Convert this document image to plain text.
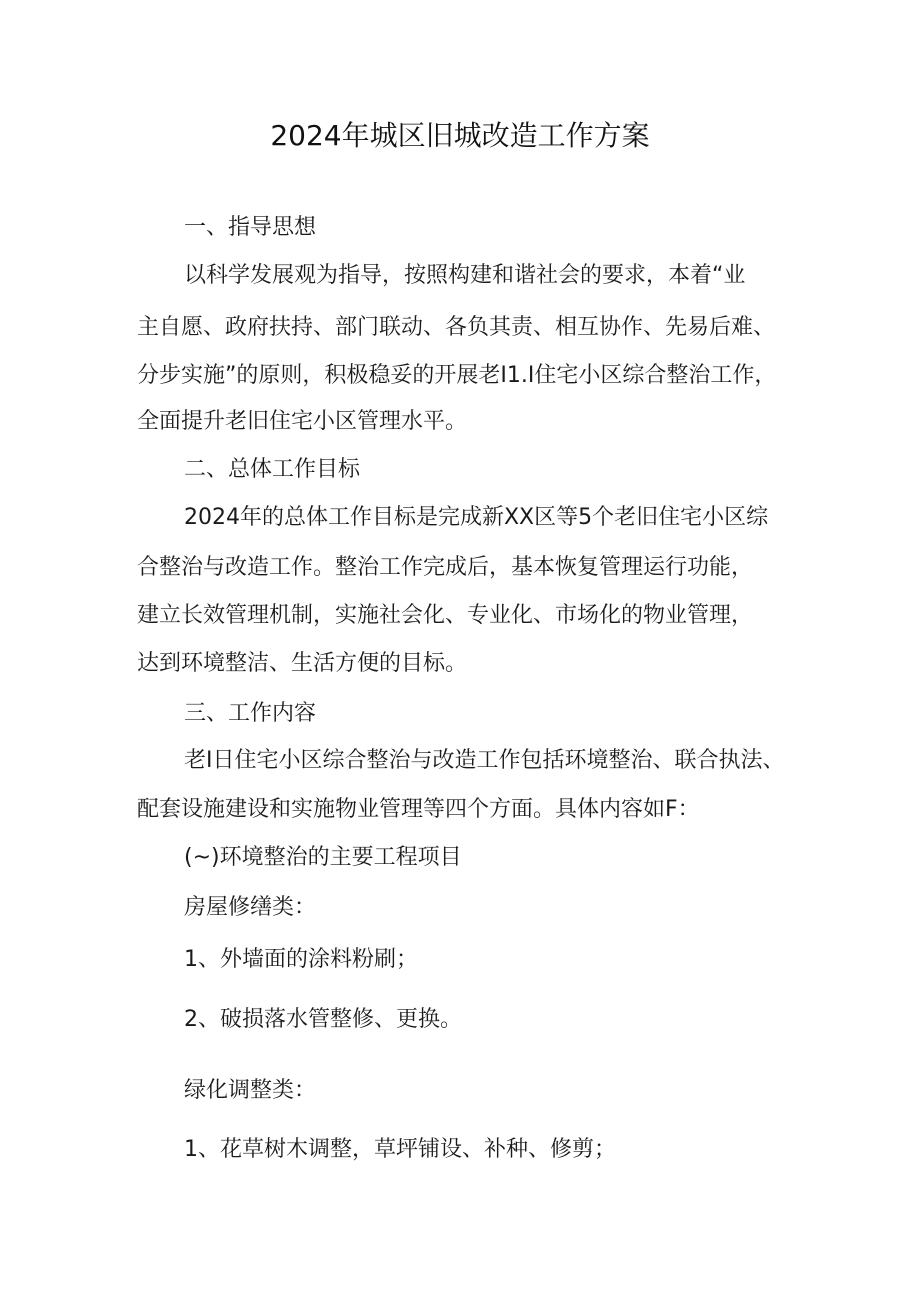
2024年城区旧城改造工作方案
一、指导思想
以科学发展观为指导，按照构建和谐社会的要求，本着“业
主自愿、政府扶持、部门联动、各负其责、相互协作、先易后难、
分步实施”的原则，积极稳妥的开展老I1.I住宅小区综合整治工作，
全面提升老旧住宅小区管理水平。
二、总体工作目标
2024年的总体工作目标是完成新XX区等5个老旧住宅小区综
合整治与改造工作。整治工作完成后，基本恢复管理运行功能，
建立长效管理机制，实施社会化、专业化、市场化的物业管理，
达到环境整洁、生活方便的目标。
三、工作内容
老I日住宅小区综合整治与改造工作包括环境整治、联合执法、
配套设施建设和实施物业管理等四个方面。具体内容如F：
(~)环境整治的主要工程项目
房屋修缮类：
1、外墙面的涂料粉刷；
2、破损落水管整修、更换。
绿化调整类：
1、花草树木调整，草坪铺设、补种、修剪；
